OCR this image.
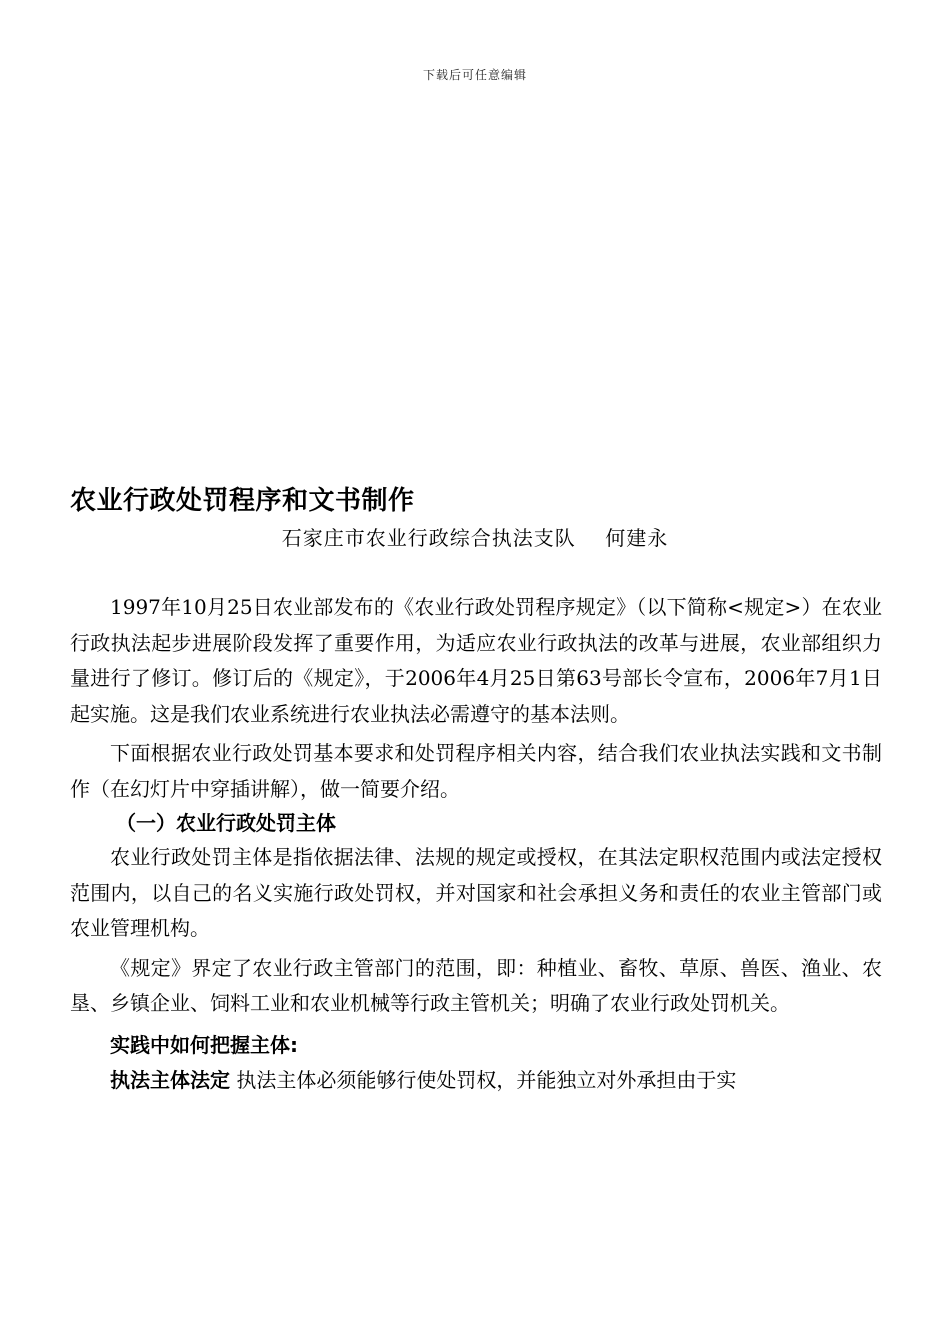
下载后可任意编辑
农业行政处罚程序和文书制作
石家庄市农业行政综合执法支队    何建永

1997年10月25日农业部发布的《农业行政处罚程序规定》（以下简称<规定>）在农业行政执法起步进展阶段发挥了重要作用，为适应农业行政执法的改革与进展，农业部组织力量进行了修订。修订后的《规定》，于2006年4月25日第63号部长令宣布，2006年7月1日起实施。这是我们农业系统进行农业执法必需遵守的基本法则。

下面根据农业行政处罚基本要求和处罚程序相关内容，结合我们农业执法实践和文书制作（在幻灯片中穿插讲解），做一简要介绍。

（一）农业行政处罚主体

农业行政处罚主体是指依据法律、法规的规定或授权，在其法定职权范围内或法定授权范围内，以自己的名义实施行政处罚权，并对国家和社会承担义务和责任的农业主管部门或农业管理机构。

《规定》界定了农业行政主管部门的范围，即：种植业、畜牧、草原、兽医、渔业、农垦、乡镇企业、饲料工业和农业机械等行政主管机关；明确了农业行政处罚机关。

实践中如何把握主体:

执法主体法定 执法主体必须能够行使处罚权，并能独立对外承担由于实
